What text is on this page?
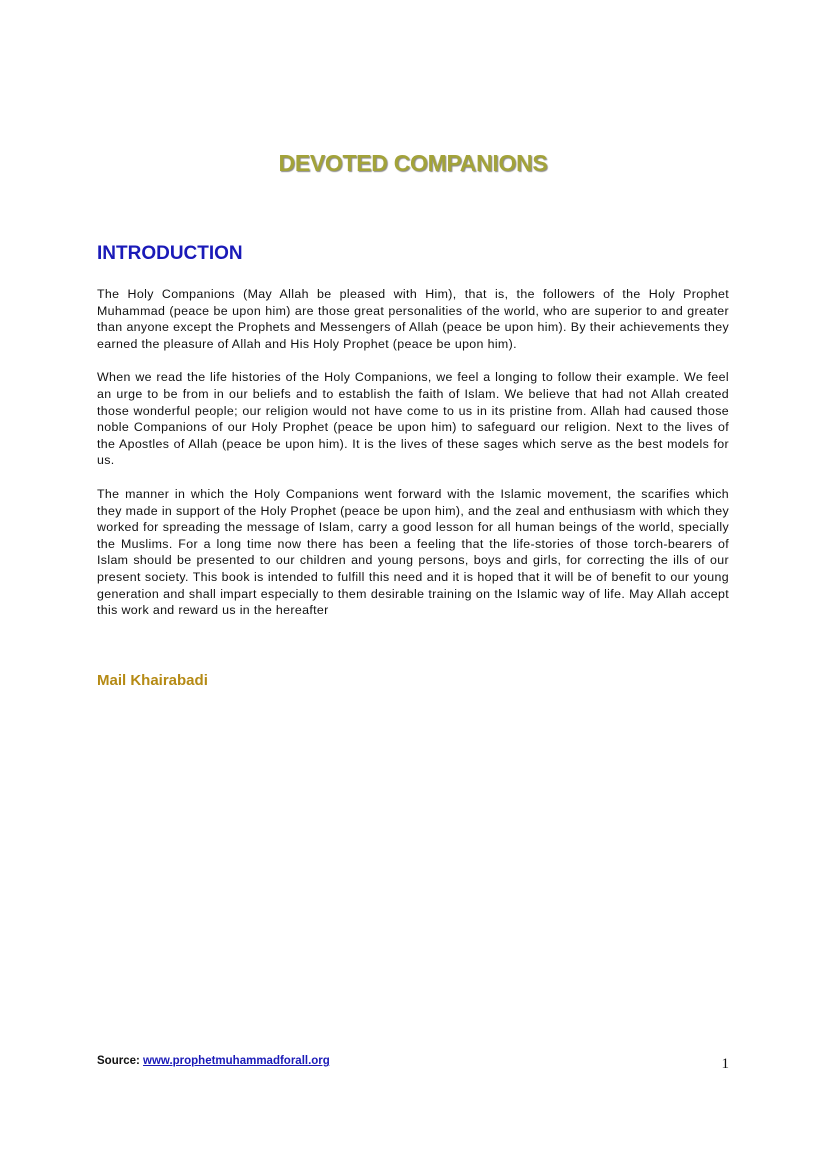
DEVOTED COMPANIONS
INTRODUCTION

The Holy Companions (May Allah be pleased with Him), that is, the followers of the Holy Prophet Muhammad (peace be upon him) are those great personalities of the world, who are superior to and greater than anyone except the Prophets and Messengers of Allah (peace be upon him). By their achievements they earned the pleasure of Allah and His Holy Prophet (peace be upon him).

When we read the life histories of the Holy Companions, we feel a longing to follow their example. We feel an urge to be from in our beliefs and to establish the faith of Islam. We believe that had not Allah created those wonderful people; our religion would not have come to us in its pristine from. Allah had caused those noble Companions of our Holy Prophet (peace be upon him) to safeguard our religion. Next to the lives of the Apostles of Allah (peace be upon him). It is the lives of these sages which serve as the best models for us.

The manner in which the Holy Companions went forward with the Islamic movement, the scarifies which they made in support of the Holy Prophet (peace be upon him), and the zeal and enthusiasm with which they worked for spreading the message of Islam, carry a good lesson for all human beings of the world, specially the Muslims. For a long time now there has been a feeling that the life-stories of those torch-bearers of Islam should be presented to our children and young persons, boys and girls, for correcting the ills of our present society. This book is intended to fulfill this need and it is hoped that it will be of benefit to our young generation and shall impart especially to them desirable training on the Islamic way of life. May Allah accept this work and reward us in the hereafter

Mail Khairabadi
Source: www.prophetmuhammadforall.org	1
